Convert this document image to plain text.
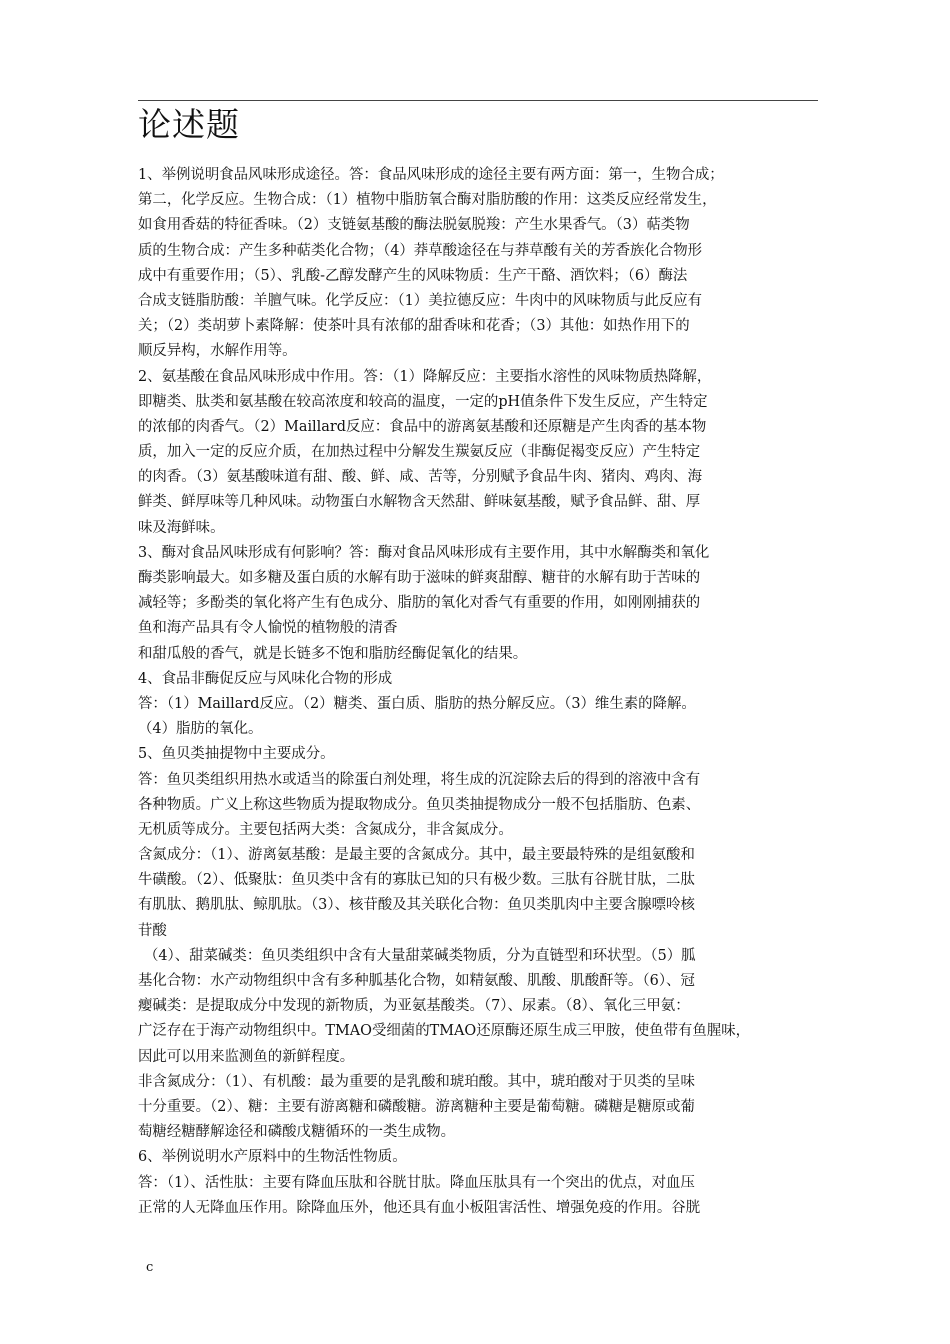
论述题

1、举例说明食品风味形成途径。答：食品风味形成的途径主要有两方面：第一，生物合成；

第二，化学反应。生物合成：（1）植物中脂肪氧合酶对脂肪酸的作用：这类反应经常发生，

如食用香菇的特征香味。（2）支链氨基酸的酶法脱氨脱羧：产生水果香气。（3）萜类物

质的生物合成：产生多种萜类化合物；（4）莽草酸途径在与莽草酸有关的芳香族化合物形

成中有重要作用；（5）、乳酸-乙醇发酵产生的风味物质：生产干酪、酒饮料；（6）酶法

合成支链脂肪酸：羊膻气味。化学反应：（1）美拉德反应：牛肉中的风味物质与此反应有

关；（2）类胡萝卜素降解：使茶叶具有浓郁的甜香味和花香；（3）其他：如热作用下的

顺反异构，水解作用等。

2、氨基酸在食品风味形成中作用。答：（1）降解反应：主要指水溶性的风味物质热降解，

即糖类、肽类和氨基酸在较高浓度和较高的温度，一定的pH值条件下发生反应，产生特定

的浓郁的肉香气。（2）Maillard反应：食品中的游离氨基酸和还原糖是产生肉香的基本物

质，加入一定的反应介质，在加热过程中分解发生羰氨反应（非酶促褐变反应）产生特定

的肉香。（3）氨基酸味道有甜、酸、鲜、咸、苦等，分别赋予食品牛肉、猪肉、鸡肉、海

鲜类、鲜厚味等几种风味。动物蛋白水解物含天然甜、鲜味氨基酸，赋予食品鲜、甜、厚

味及海鲜味。

3、酶对食品风味形成有何影响？答：酶对食品风味形成有主要作用，其中水解酶类和氧化

酶类影响最大。如多糖及蛋白质的水解有助于滋味的鲜爽甜醇、糖苷的水解有助于苦味的

减轻等；多酚类的氧化将产生有色成分、脂肪的氧化对香气有重要的作用，如刚刚捕获的

鱼和海产品具有令人愉悦的植物般的清香

和甜瓜般的香气，就是长链多不饱和脂肪经酶促氧化的结果。

4、食品非酶促反应与风味化合物的形成

答：（1）Maillard反应。（2）糖类、蛋白质、脂肪的热分解反应。（3）维生素的降解。

（4）脂肪的氧化。

5、鱼贝类抽提物中主要成分。

答：鱼贝类组织用热水或适当的除蛋白剂处理，将生成的沉淀除去后的得到的溶液中含有

各种物质。广义上称这些物质为提取物成分。鱼贝类抽提物成分一般不包括脂肪、色素、

无机质等成分。主要包括两大类：含氮成分，非含氮成分。

含氮成分：（1）、游离氨基酸：是最主要的含氮成分。其中，最主要最特殊的是组氨酸和

牛磺酸。（2）、低聚肽：鱼贝类中含有的寡肽已知的只有极少数。三肽有谷胱甘肽，二肽

有肌肽、鹅肌肽、鲸肌肽。（3）、核苷酸及其关联化合物：鱼贝类肌肉中主要含腺嘌呤核

苷酸

（4）、甜菜碱类：鱼贝类组织中含有大量甜菜碱类物质，分为直链型和环状型。（5）胍

基化合物：水产动物组织中含有多种胍基化合物，如精氨酸、肌酸、肌酸酐等。（6）、冠

瘿碱类：是提取成分中发现的新物质，为亚氨基酸类。（7）、尿素。（8）、氧化三甲氨：

广泛存在于海产动物组织中。TMAO受细菌的TMAO还原酶还原生成三甲胺，使鱼带有鱼腥味，

因此可以用来监测鱼的新鲜程度。

非含氮成分：（1）、有机酸：最为重要的是乳酸和琥珀酸。其中，琥珀酸对于贝类的呈味

十分重要。（2）、糖：主要有游离糖和磷酸糖。游离糖种主要是葡萄糖。磷糖是糖原或葡

萄糖经糖酵解途径和磷酸戊糖循环的一类生成物。

6、举例说明水产原料中的生物活性物质。

答：（1）、活性肽：主要有降血压肽和谷胱甘肽。降血压肽具有一个突出的优点，对血压

正常的人无降血压作用。除降血压外，他还具有血小板阻害活性、增强免疫的作用。谷胱

c
